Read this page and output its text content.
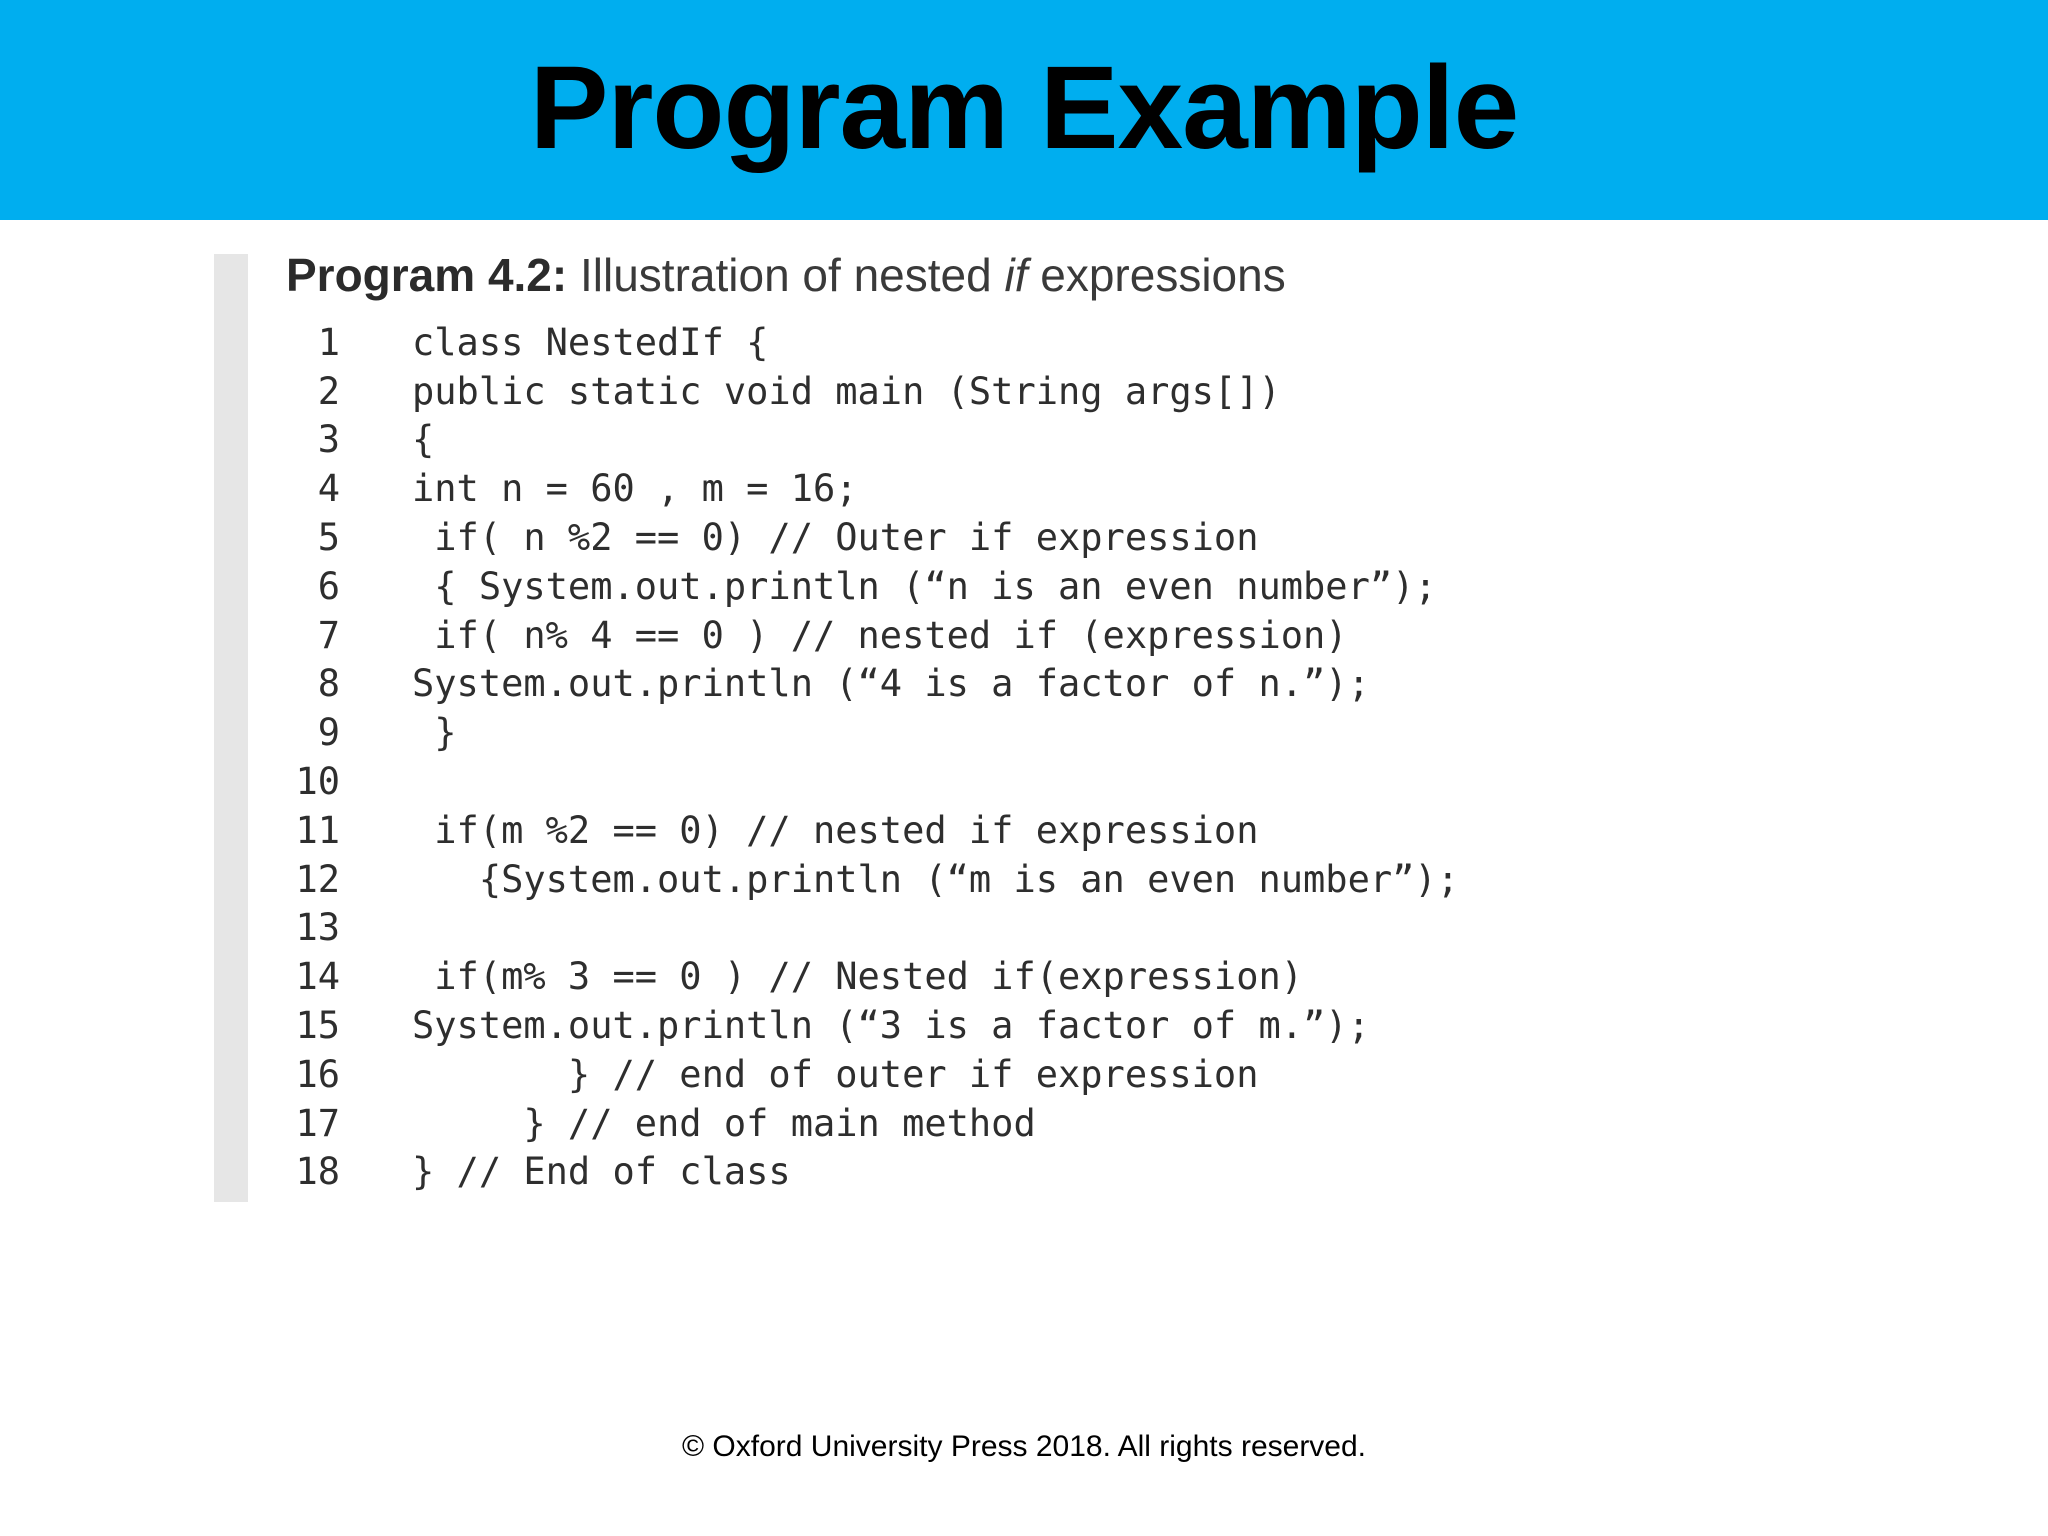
Program Example
Program 4.2: Illustration of nested if expressions
1 class NestedIf {
2 public static void main (String args[])
3 {
4 int n = 60 , m = 16;
5 if( n %2 == 0) // Outer if expression
6 { System.out.println (“n is an even number”);
7 if( n% 4 == 0 ) // nested if (expression)
8 System.out.println (“4 is a factor of n.”);
9 }
10
11 if(m %2 == 0) // nested if expression
12 {System.out.println (“m is an even number”);
13
14 if(m% 3 == 0 ) // Nested if(expression)
15 System.out.println (“3 is a factor of m.”);
16 } // end of outer if expression
17 } // end of main method
18 } // End of class
© Oxford University Press 2018. All rights reserved.
